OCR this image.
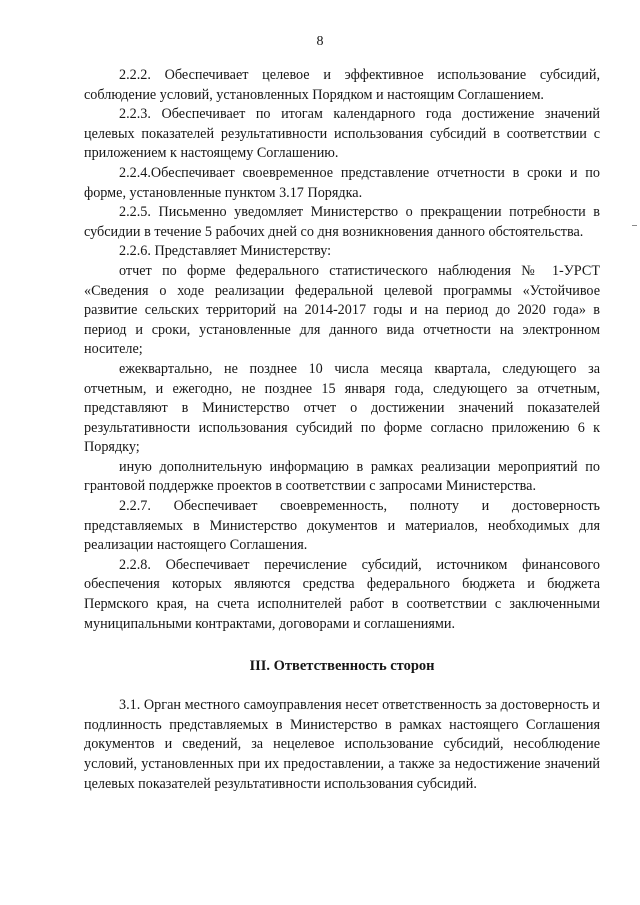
8

2.2.2. Обеспечивает целевое и эффективное использование субсидий, соблюдение условий, установленных Порядком и настоящим Соглашением.

2.2.3. Обеспечивает по итогам календарного года достижение значений целевых показателей результативности использования субсидий в соответствии с приложением к настоящему Соглашению.

2.2.4.Обеспечивает своевременное представление отчетности в сроки и по форме, установленные пунктом 3.17 Порядка.

2.2.5. Письменно уведомляет Министерство о прекращении потребности в субсидии в течение 5 рабочих дней со дня возникновения данного обстоятельства.

2.2.6. Представляет Министерству:

отчет по форме федерального статистического наблюдения № 1-УРСТ «Сведения о ходе реализации федеральной целевой программы «Устойчивое развитие сельских территорий на 2014-2017 годы и на период до 2020 года» в период и сроки, установленные для данного вида отчетности на электронном носителе;

ежеквартально, не позднее 10 числа месяца квартала, следующего за отчетным, и ежегодно, не позднее 15 января года, следующего за отчетным, представляют в Министерство отчет о достижении значений показателей результативности использования субсидий по форме согласно приложению 6 к Порядку;

иную дополнительную информацию в рамках реализации мероприятий по грантовой поддержке проектов в соответствии с запросами Министерства.

2.2.7. Обеспечивает своевременность, полноту и достоверность представляемых в Министерство документов и материалов, необходимых для реализации настоящего Соглашения.

2.2.8. Обеспечивает перечисление субсидий, источником финансового обеспечения которых являются средства федерального бюджета и бюджета Пермского края, на счета исполнителей работ в соответствии с заключенными муниципальными контрактами, договорами и соглашениями.

III. Ответственность сторон

3.1. Орган местного самоуправления несет ответственность за достоверность и подлинность представляемых в Министерство в рамках настоящего Соглашения документов и сведений, за нецелевое использование субсидий, несоблюдение условий, установленных при их предоставлении, а также за недостижение значений целевых показателей результативности использования субсидий.
